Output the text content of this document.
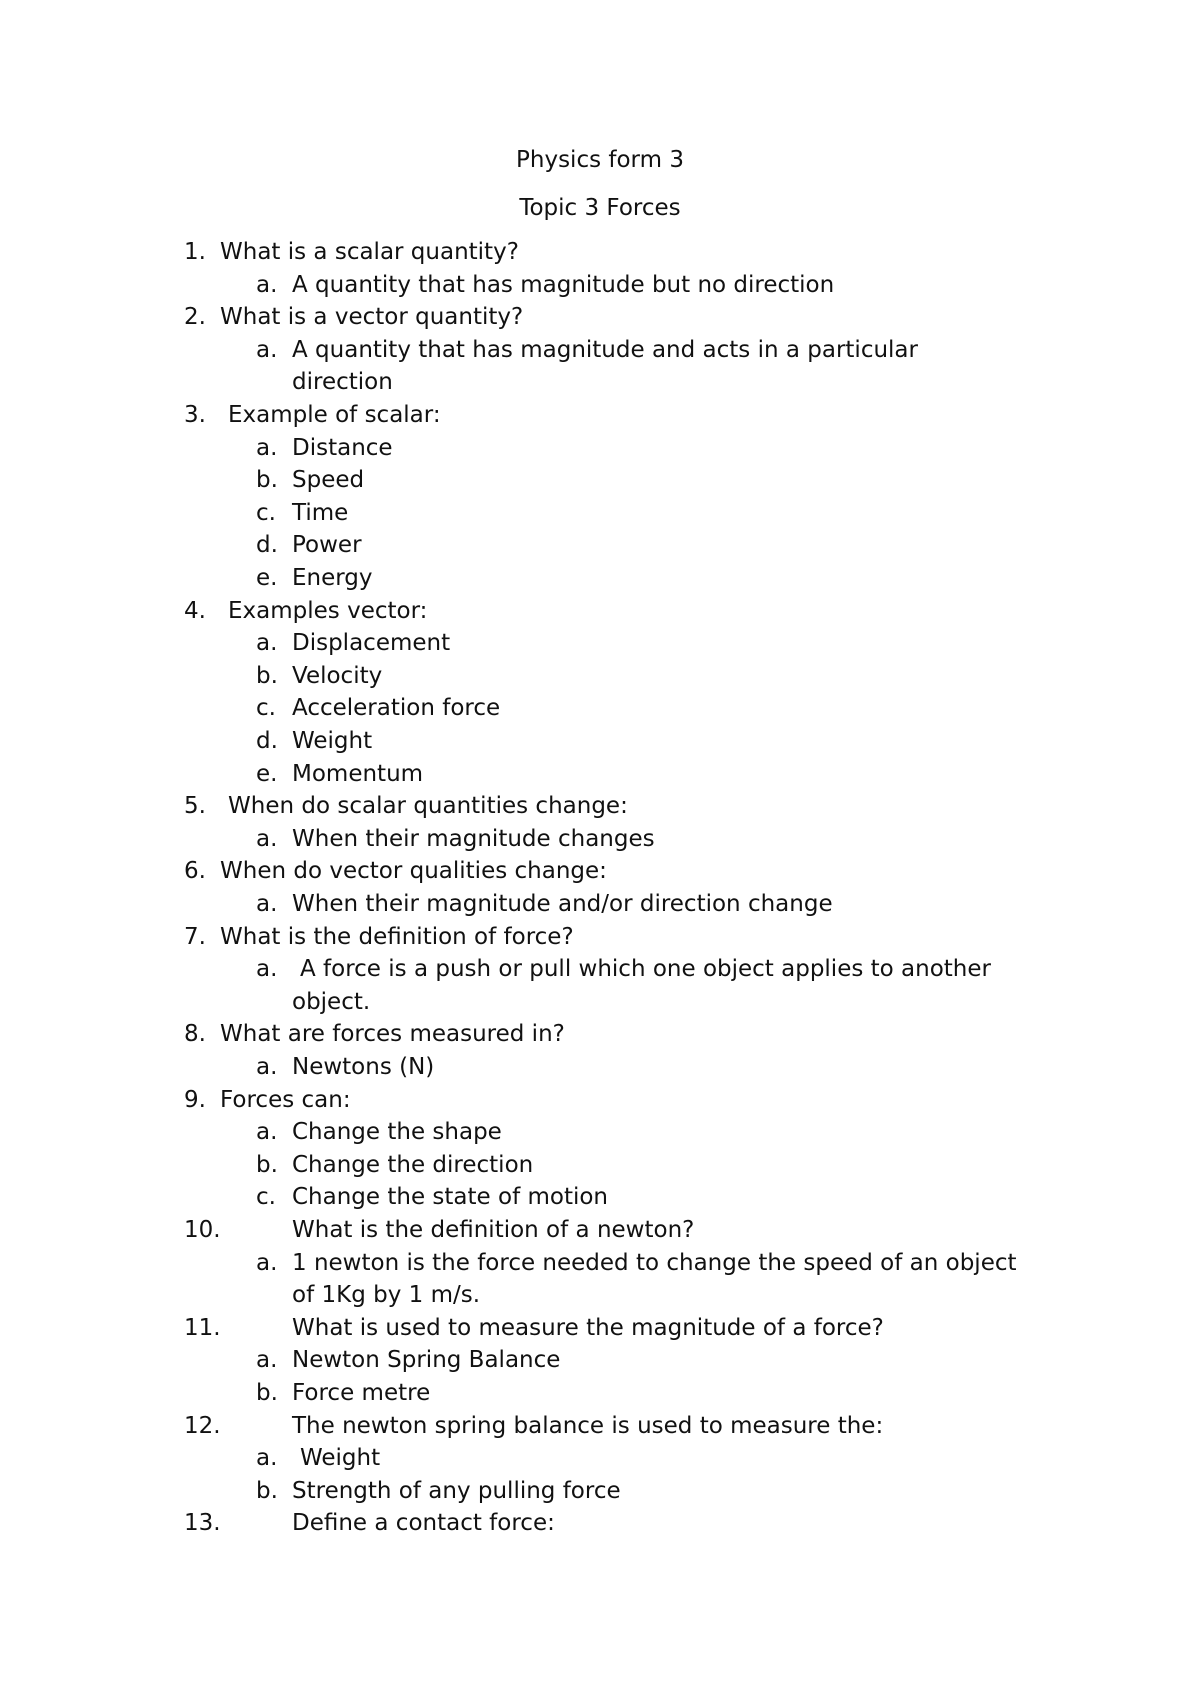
Physics form 3
Topic 3 Forces
1. What is a scalar quantity?
a. A quantity that has magnitude but no direction
2. What is a vector quantity?
a. A quantity that has magnitude and acts in a particular
direction
3. Example of scalar:
a. Distance
b. Speed
c. Time
d. Power
e. Energy
4. Examples vector:
a. Displacement
b. Velocity
c. Acceleration force
d. Weight
e. Momentum
5. When do scalar quantities change:
a. When their magnitude changes
6. When do vector qualities change:
a. When their magnitude and/or direction change
7. What is the definition of force?
a. A force is a push or pull which one object applies to another
object.
8. What are forces measured in?
a. Newtons (N)
9. Forces can:
a. Change the shape
b. Change the direction
c. Change the state of motion
10.	What is the definition of a newton?
a. 1 newton is the force needed to change the speed of an object
of 1Kg by 1 m/s.
11.	What is used to measure the magnitude of a force?
a. Newton Spring Balance
b. Force metre
12.	The newton spring balance is used to measure the:
a. Weight
b. Strength of any pulling force
13.	Define a contact force:
